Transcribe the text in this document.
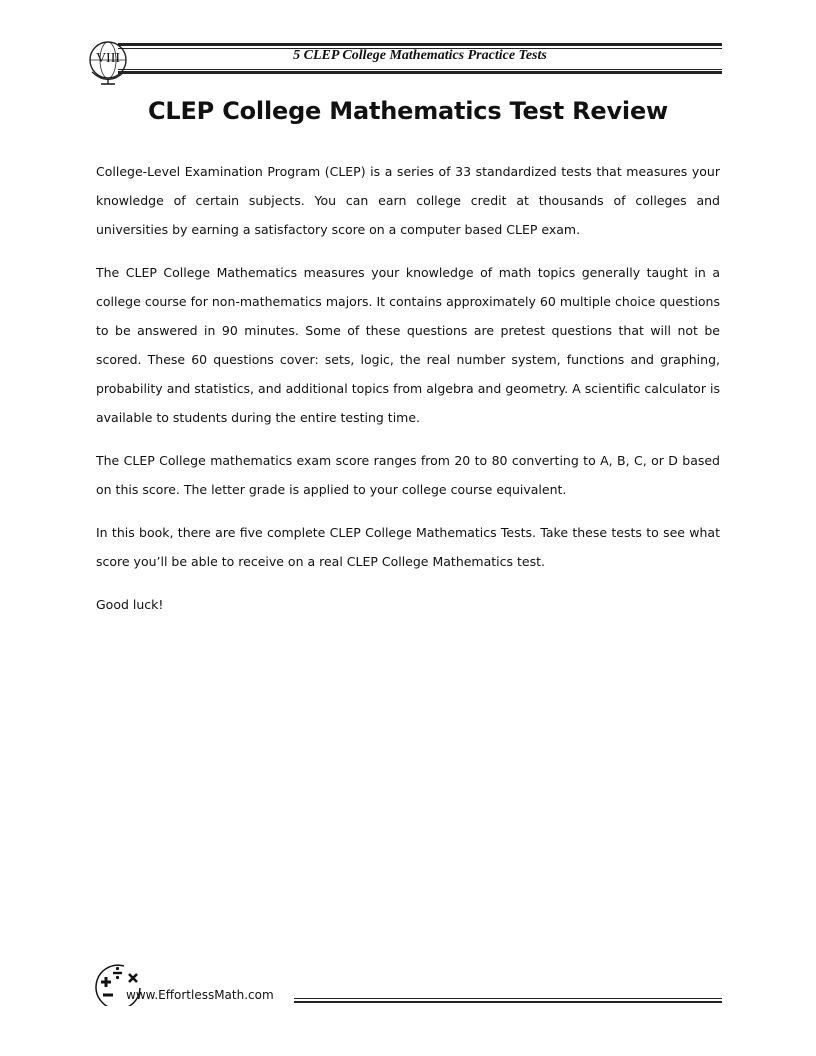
VIII	5 CLEP College Mathematics Practice Tests
CLEP College Mathematics Test Review

College-Level Examination Program (CLEP) is a series of 33 standardized tests that measures your knowledge of certain subjects. You can earn college credit at thousands of colleges and universities by earning a satisfactory score on a computer based CLEP exam.

The CLEP College Mathematics measures your knowledge of math topics generally taught in a college course for non-mathematics majors. It contains approximately 60 multiple choice questions to be answered in 90 minutes. Some of these questions are pretest questions that will not be scored. These 60 questions cover: sets, logic, the real number system, functions and graphing, probability and statistics, and additional topics from algebra and geometry. A scientific calculator is available to students during the entire testing time.

The CLEP College mathematics exam score ranges from 20 to 80 converting to A, B, C, or D based on this score. The letter grade is applied to your college course equivalent.

In this book, there are five complete CLEP College Mathematics Tests. Take these tests to see what score you’ll be able to receive on a real CLEP College Mathematics test.

Good luck!

www.EffortlessMath.com
